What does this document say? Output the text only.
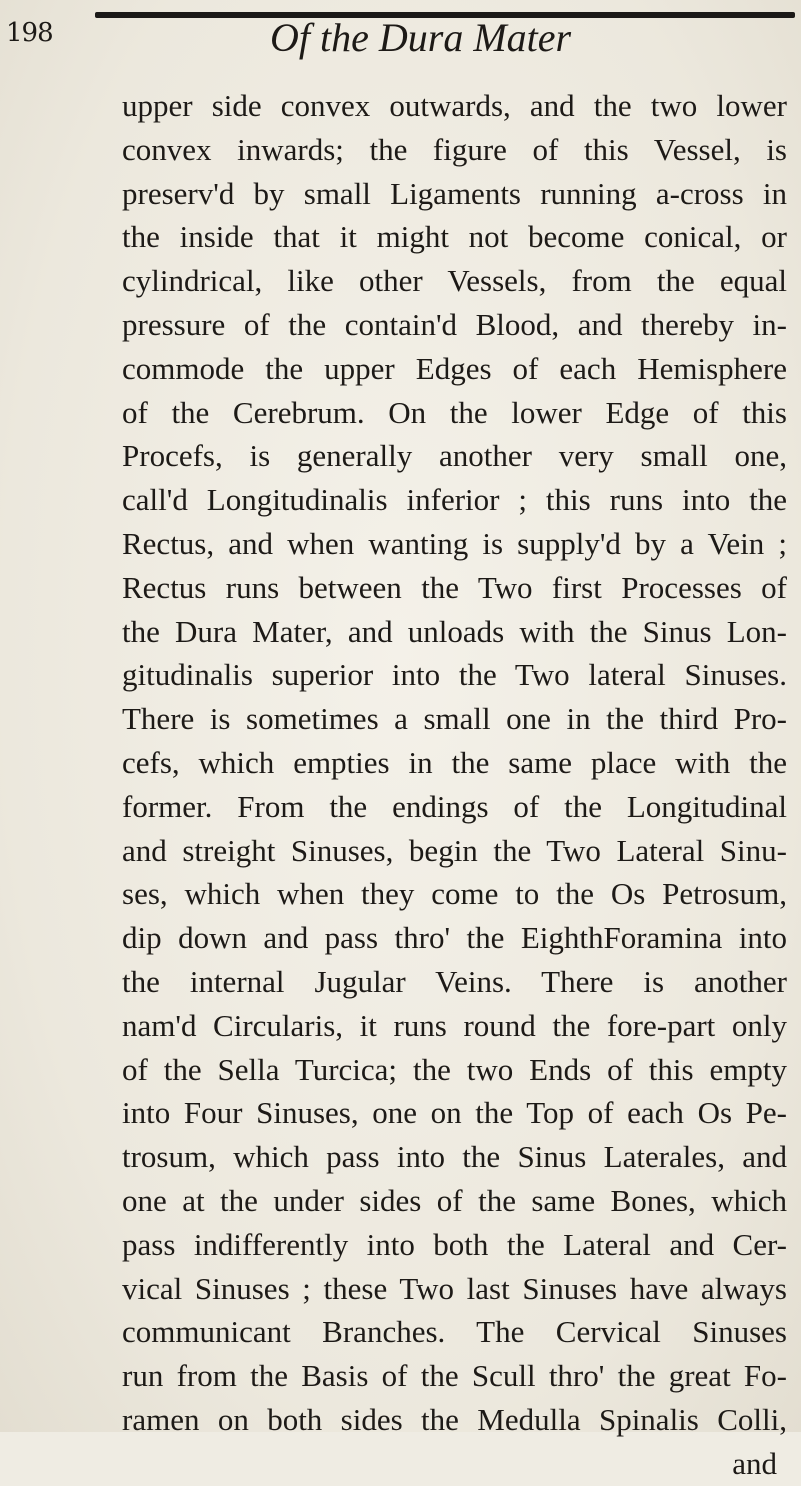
198	Of the Dura Mater
upper side convex outwards, and the two lower
convex inwards; the figure of this Vessel, is
preserv'd by small Ligaments running a-cross in
the inside that it might not become conical, or
cylindrical, like other Vessels, from the equal
pressure of the contain'd Blood, and thereby in-
commode the upper Edges of each Hemisphere
of the Cerebrum. On the lower Edge of this
Procefs, is generally another very small one,
call'd Longitudinalis inferior ; this runs into the
Rectus, and when wanting is supply'd by a Vein ;
Rectus runs between the Two first Processes of
the Dura Mater, and unloads with the Sinus Lon-
gitudinalis superior into the Two lateral Sinuses.
There is sometimes a small one in the third Pro-
cefs, which empties in the same place with the
former. From the endings of the Longitudinal
and streight Sinuses, begin the Two Lateral Sinu-
ses, which when they come to the Os Petrosum,
dip down and pass thro' the EighthForamina into
the internal Jugular Veins. There is another
nam'd Circularis, it runs round the fore-part only
of the Sella Turcica; the two Ends of this empty
into Four Sinuses, one on the Top of each Os Pe-
trosum, which pass into the Sinus Laterales, and
one at the under sides of the same Bones, which
pass indifferently into both the Lateral and Cer-
vical Sinuses ; these Two last Sinuses have always
communicant Branches. The Cervical Sinuses
run from the Basis of the Scull thro' the great Fo-
ramen on both sides the Medulla Spinalis Colli,
and
